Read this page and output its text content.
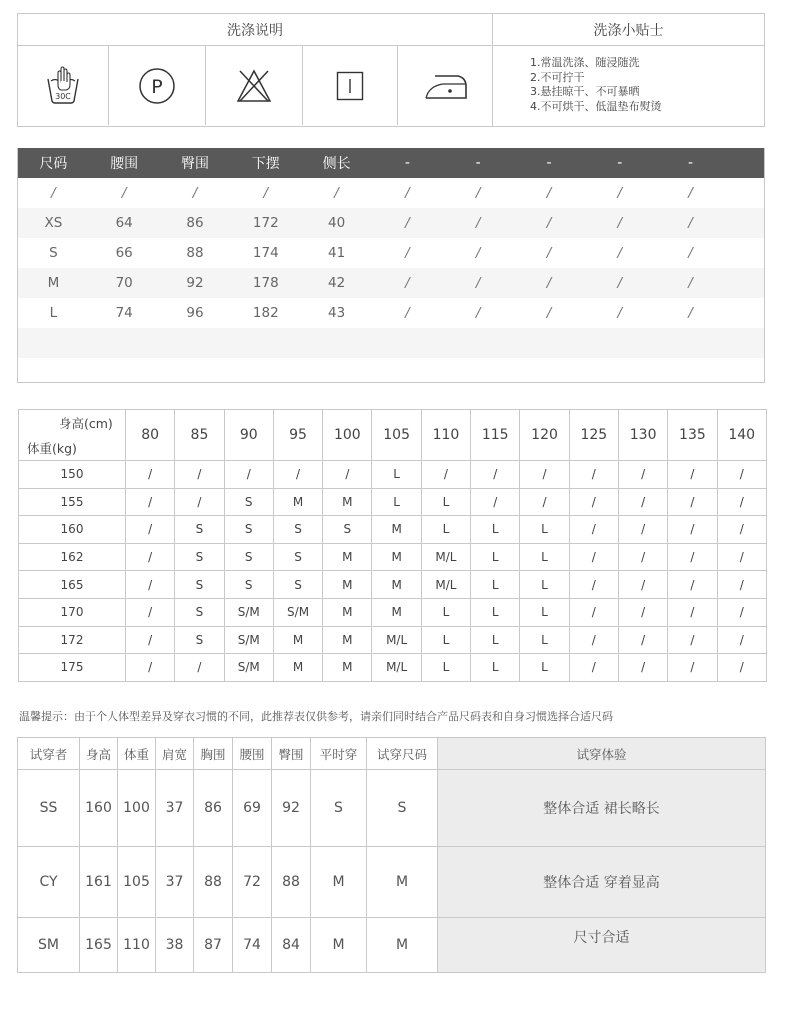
洗涤说明
30C	P
洗涤小贴士
1.常温洗涤、随浸随洗
2.不可拧干
3.悬挂晾干、不可暴晒
4.不可烘干、低温垫布熨烫
尺码	腰围	臀围	下摆	侧长	-	-	-	-	-
/	/	/	/	/	/	/	/	/	/
XS	64	86	172	40	/	/	/	/	/
S	66	88	174	41	/	/	/	/	/
M	70	92	178	42	/	/	/	/	/
L	74	96	182	43	/	/	/	/	/
身高(cm)
体重(kg)	80	85	90	95	100	105	110	115	120	125	130	135	140
150	/	/	/	/	/	L	/	/	/	/	/	/	/
155	/	/	S	M	M	L	L	/	/	/	/	/	/
160	/	S	S	S	S	M	L	L	L	/	/	/	/
162	/	S	S	S	M	M	M/L	L	L	/	/	/	/
165	/	S	S	S	M	M	M/L	L	L	/	/	/	/
170	/	S	S/M	S/M	M	M	L	L	L	/	/	/	/
172	/	S	S/M	M	M	M/L	L	L	L	/	/	/	/
175	/	/	S/M	M	M	M/L	L	L	L	/	/	/	/
温馨提示：由于个人体型差异及穿衣习惯的不同，此推荐表仅供参考，请亲们同时结合产品尺码表和自身习惯选择合适尺码
试穿者	身高	体重	肩宽	胸围	腰围	臀围	平时穿	试穿尺码	试穿体验
SS	160	100	37	86	69	92	S	S	整体合适 裙长略长
CY	161	105	37	88	72	88	M	M	整体合适 穿着显高
SM	165	110	38	87	74	84	M	M	尺寸合适
